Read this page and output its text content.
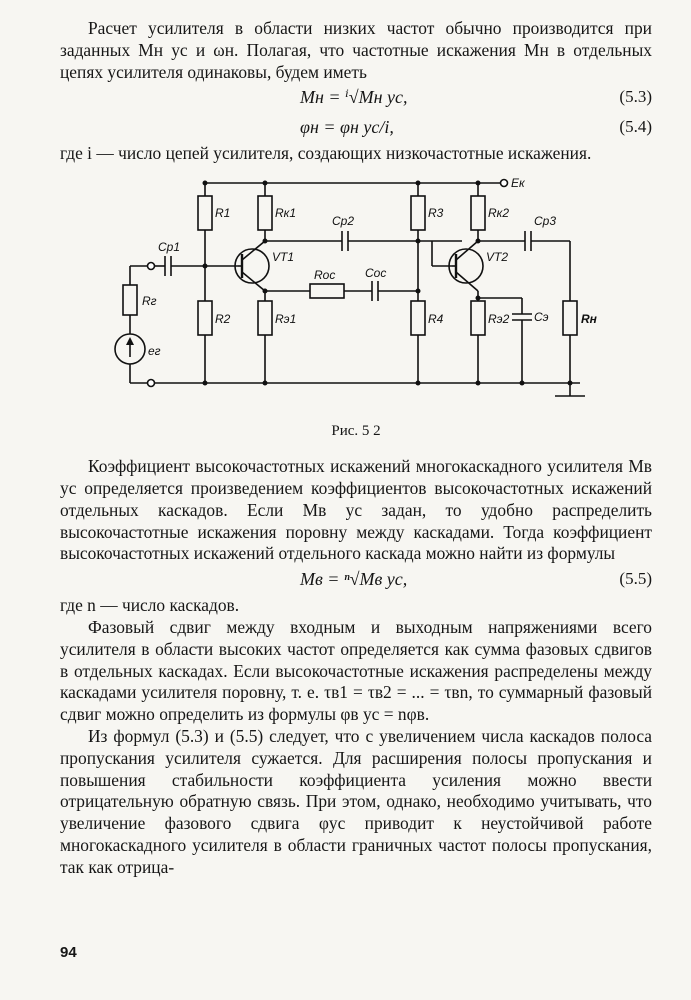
Расчет усилителя в области низких частот обычно производится при заданных Mн ус и ωн. Полагая, что частотные искажения Mн в отдельных цепях усилителя одинаковы, будем иметь

Mн = ⁱ√Mн ус,	(5.3)
φн = φн ус/i,	(5.4)

где i — число цепей усилителя, создающих низкочастотные искажения.

Eк
R1	Rк1
Cр2
R3	Rк2
Cр3
Cр1
VT1	VT2
Rос Cос
Rг
eг
R2	Rэ1	R4	Rэ2 Cэ	Rн
Рис. 5 2

Коэффициент высокочастотных искажений многокаскадного усилителя Mв ус определяется произведением коэффициентов высокочастотных искажений отдельных каскадов. Если Mв ус задан, то удобно распределить высокочастотные искажения поровну между каскадами. Тогда коэффициент высокочастотных искажений отдельного каскада можно найти из формулы

Mв = ⁿ√Mв ус,	(5.5)

где n — число каскадов.

Фазовый сдвиг между входным и выходным напряжениями всего усилителя в области высоких частот определяется как сумма фазовых сдвигов в отдельных каскадах. Если высокочастотные искажения распределены между каскадами усилителя поровну, т. е. τв1 = τв2 = ... = τвn, то суммарный фазовый сдвиг можно определить из формулы φв ус = nφв.

Из формул (5.3) и (5.5) следует, что с увеличением числа каскадов полоса пропускания усилителя сужается. Для расширения полосы пропускания и повышения стабильности коэффициента усиления можно ввести отрицательную обратную связь. При этом, однако, необходимо учитывать, что увеличение фазового сдвига φус приводит к неустойчивой работе многокаскадного усилителя в области граничных частот полосы пропускания, так как отрица-

94
